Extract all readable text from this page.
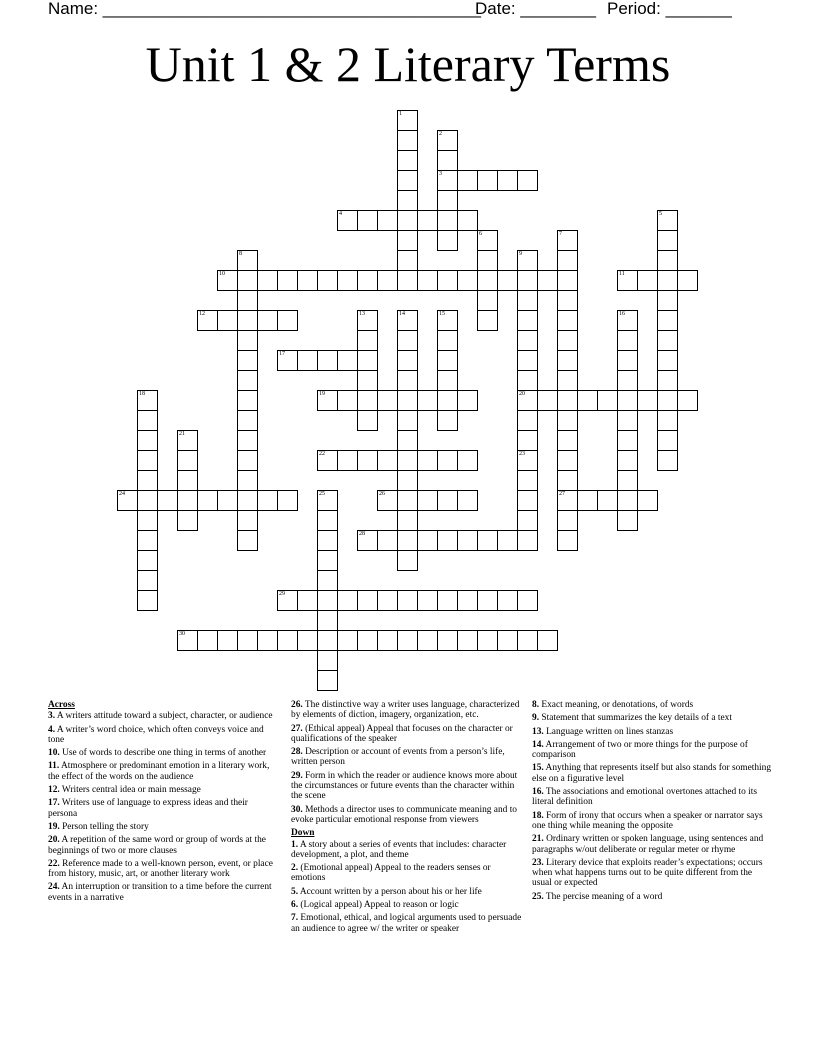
Name: ________________________________________
Date: ________ Period: _______
Unit 1 & 2 Literary Terms
1
2
3
4	5
6	7
27
8	9
20
10	11
12	13	14	15	16
17
18	19
21
22	23
24	25	26
28
29
30
Across
3. A writers attitude toward a subject, character, or audience
4. A writer’s word choice, which often conveys voice and tone
10. Use of words to describe one thing in terms of another
11. Atmosphere or predominant emotion in a literary work, the effect of the words on the audience
12. Writers central idea or main message
17. Writers use of language to express ideas and their persona
19. Person telling the story
20. A repetition of the same word or group of words at the beginnings of two or more clauses
22. Reference made to a well-known person, event, or place from history, music, art, or another literary work
24. An interruption or transition to a time before the current events in a narrative
26. The distinctive way a writer uses language, characterized by elements of diction, imagery, organization, etc.
27. (Ethical appeal) Appeal that focuses on the character or qualifications of the speaker
28. Description or account of events from a person’s life, written person
29. Form in which the reader or audience knows more about the circumstances or future events than the character within the scene
30. Methods a director uses to communicate meaning and to evoke particular emotional response from viewers
Down
1. A story about a series of events that includes: character development, a plot, and theme
2. (Emotional appeal) Appeal to the readers senses or emotions
5. Account written by a person about his or her life
6. (Logical appeal) Appeal to reason or logic
7. Emotional, ethical, and logical arguments used to persuade an audience to agree w/ the writer or speaker
8. Exact meaning, or denotations, of words
9. Statement that summarizes the key details of a text
13. Language written on lines stanzas
14. Arrangement of two or more things for the purpose of comparison
15. Anything that represents itself but also stands for something else on a figurative level
16. The associations and emotional overtones attached to its literal definition
18. Form of irony that occurs when a speaker or narrator says one thing while meaning the opposite
21. Ordinary written or spoken language, using sentences and paragraphs w/out deliberate or regular meter or rhyme
23. Literary device that exploits reader’s expectations; occurs when what happens turns out to be quite different from the usual or expected
25. The percise meaning of a word
